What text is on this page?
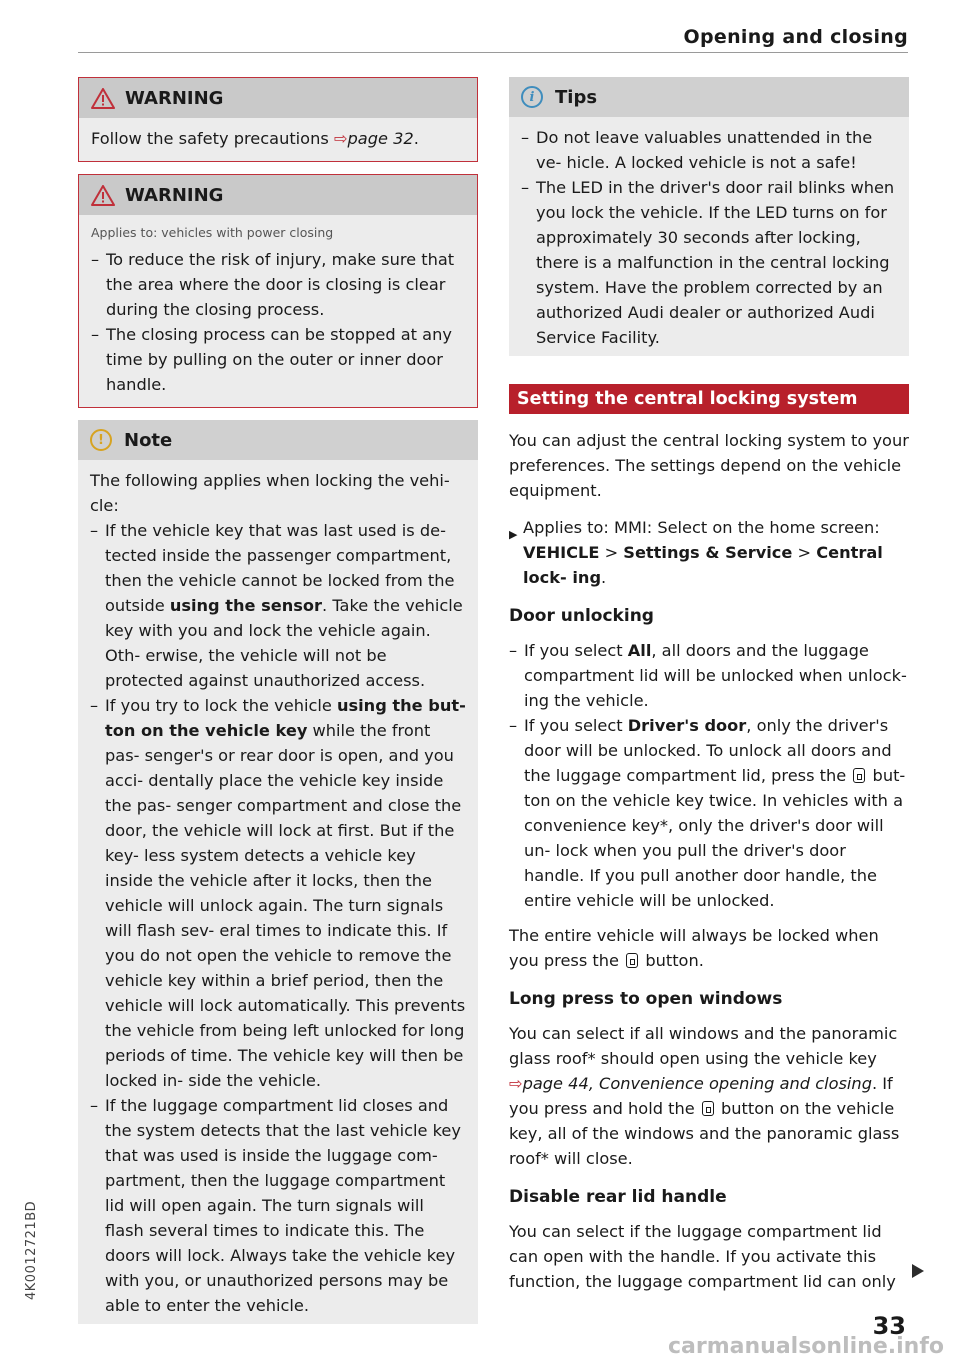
Opening and closing
WARNING

Follow the safety precautions ⇨page 32.

WARNING
Applies to: vehicles with power closing
– To reduce the risk of injury, make sure that the area where the door is closing is clear during the closing process.
– The closing process can be stopped at any time by pulling on the outer or inner door handle.
!	Note

The following applies when locking the vehi- cle:

– If the vehicle key that was last used is de- tected inside the passenger compartment, then the vehicle cannot be locked from the outside using the sensor. Take the vehicle key with you and lock the vehicle again. Oth- erwise, the vehicle will not be protected against unauthorized access.
– If you try to lock the vehicle using the but- ton on the vehicle key while the front pas- senger's or rear door is open, and you acci- dentally place the vehicle key inside the pas- senger compartment and close the door, the vehicle will lock at first. But if the key- less system detects a vehicle key inside the vehicle after it locks, then the vehicle will unlock again. The turn signals will flash sev- eral times to indicate this. If you do not open the vehicle to remove the vehicle key within a brief period, then the vehicle will lock automatically. This prevents the vehicle from being left unlocked for long periods of time. The vehicle key will then be locked in- side the vehicle.
– If the luggage compartment lid closes and the system detects that the last vehicle key that was used is inside the luggage com- partment, then the luggage compartment lid will open again. The turn signals will flash several times to indicate this. The doors will lock. Always take the vehicle key with you, or unauthorized persons may be able to enter the vehicle.
i	Tips
– Do not leave valuables unattended in the ve- hicle. A locked vehicle is not a safe!
– The LED in the driver's door rail blinks when you lock the vehicle. If the LED turns on for approximately 30 seconds after locking, there is a malfunction in the central locking system. Have the problem corrected by an authorized Audi dealer or authorized Audi Service Facility.
Setting the central locking system

You can adjust the central locking system to your preferences. The settings depend on the vehicle equipment.

▶ Applies to: MMI: Select on the home screen:
VEHICLE > Settings & Service > Central lock- ing.

Door unlocking
– If you select All, all doors and the luggage compartment lid will be unlocked when unlock- ing the vehicle.
– If you select Driver's door, only the driver's door will be unlocked. To unlock all doors and the luggage compartment lid, press the  but- ton on the vehicle key twice. In vehicles with a convenience key*, only the driver's door will un- lock when you pull the driver's door handle. If you pull another door handle, the entire vehicle will be unlocked.

The entire vehicle will always be locked when you press the  button.

Long press to open windows

You can select if all windows and the panoramic glass roof* should open using the vehicle key ⇨page 44, Convenience opening and closing. If you press and hold the  button on the vehicle key, all of the windows and the panoramic glass roof* will close.

Disable rear lid handle

You can select if the luggage compartment lid can open with the handle. If you activate this function, the luggage compartment lid can only

33
4K0012721BD
carmanualsonline.info
